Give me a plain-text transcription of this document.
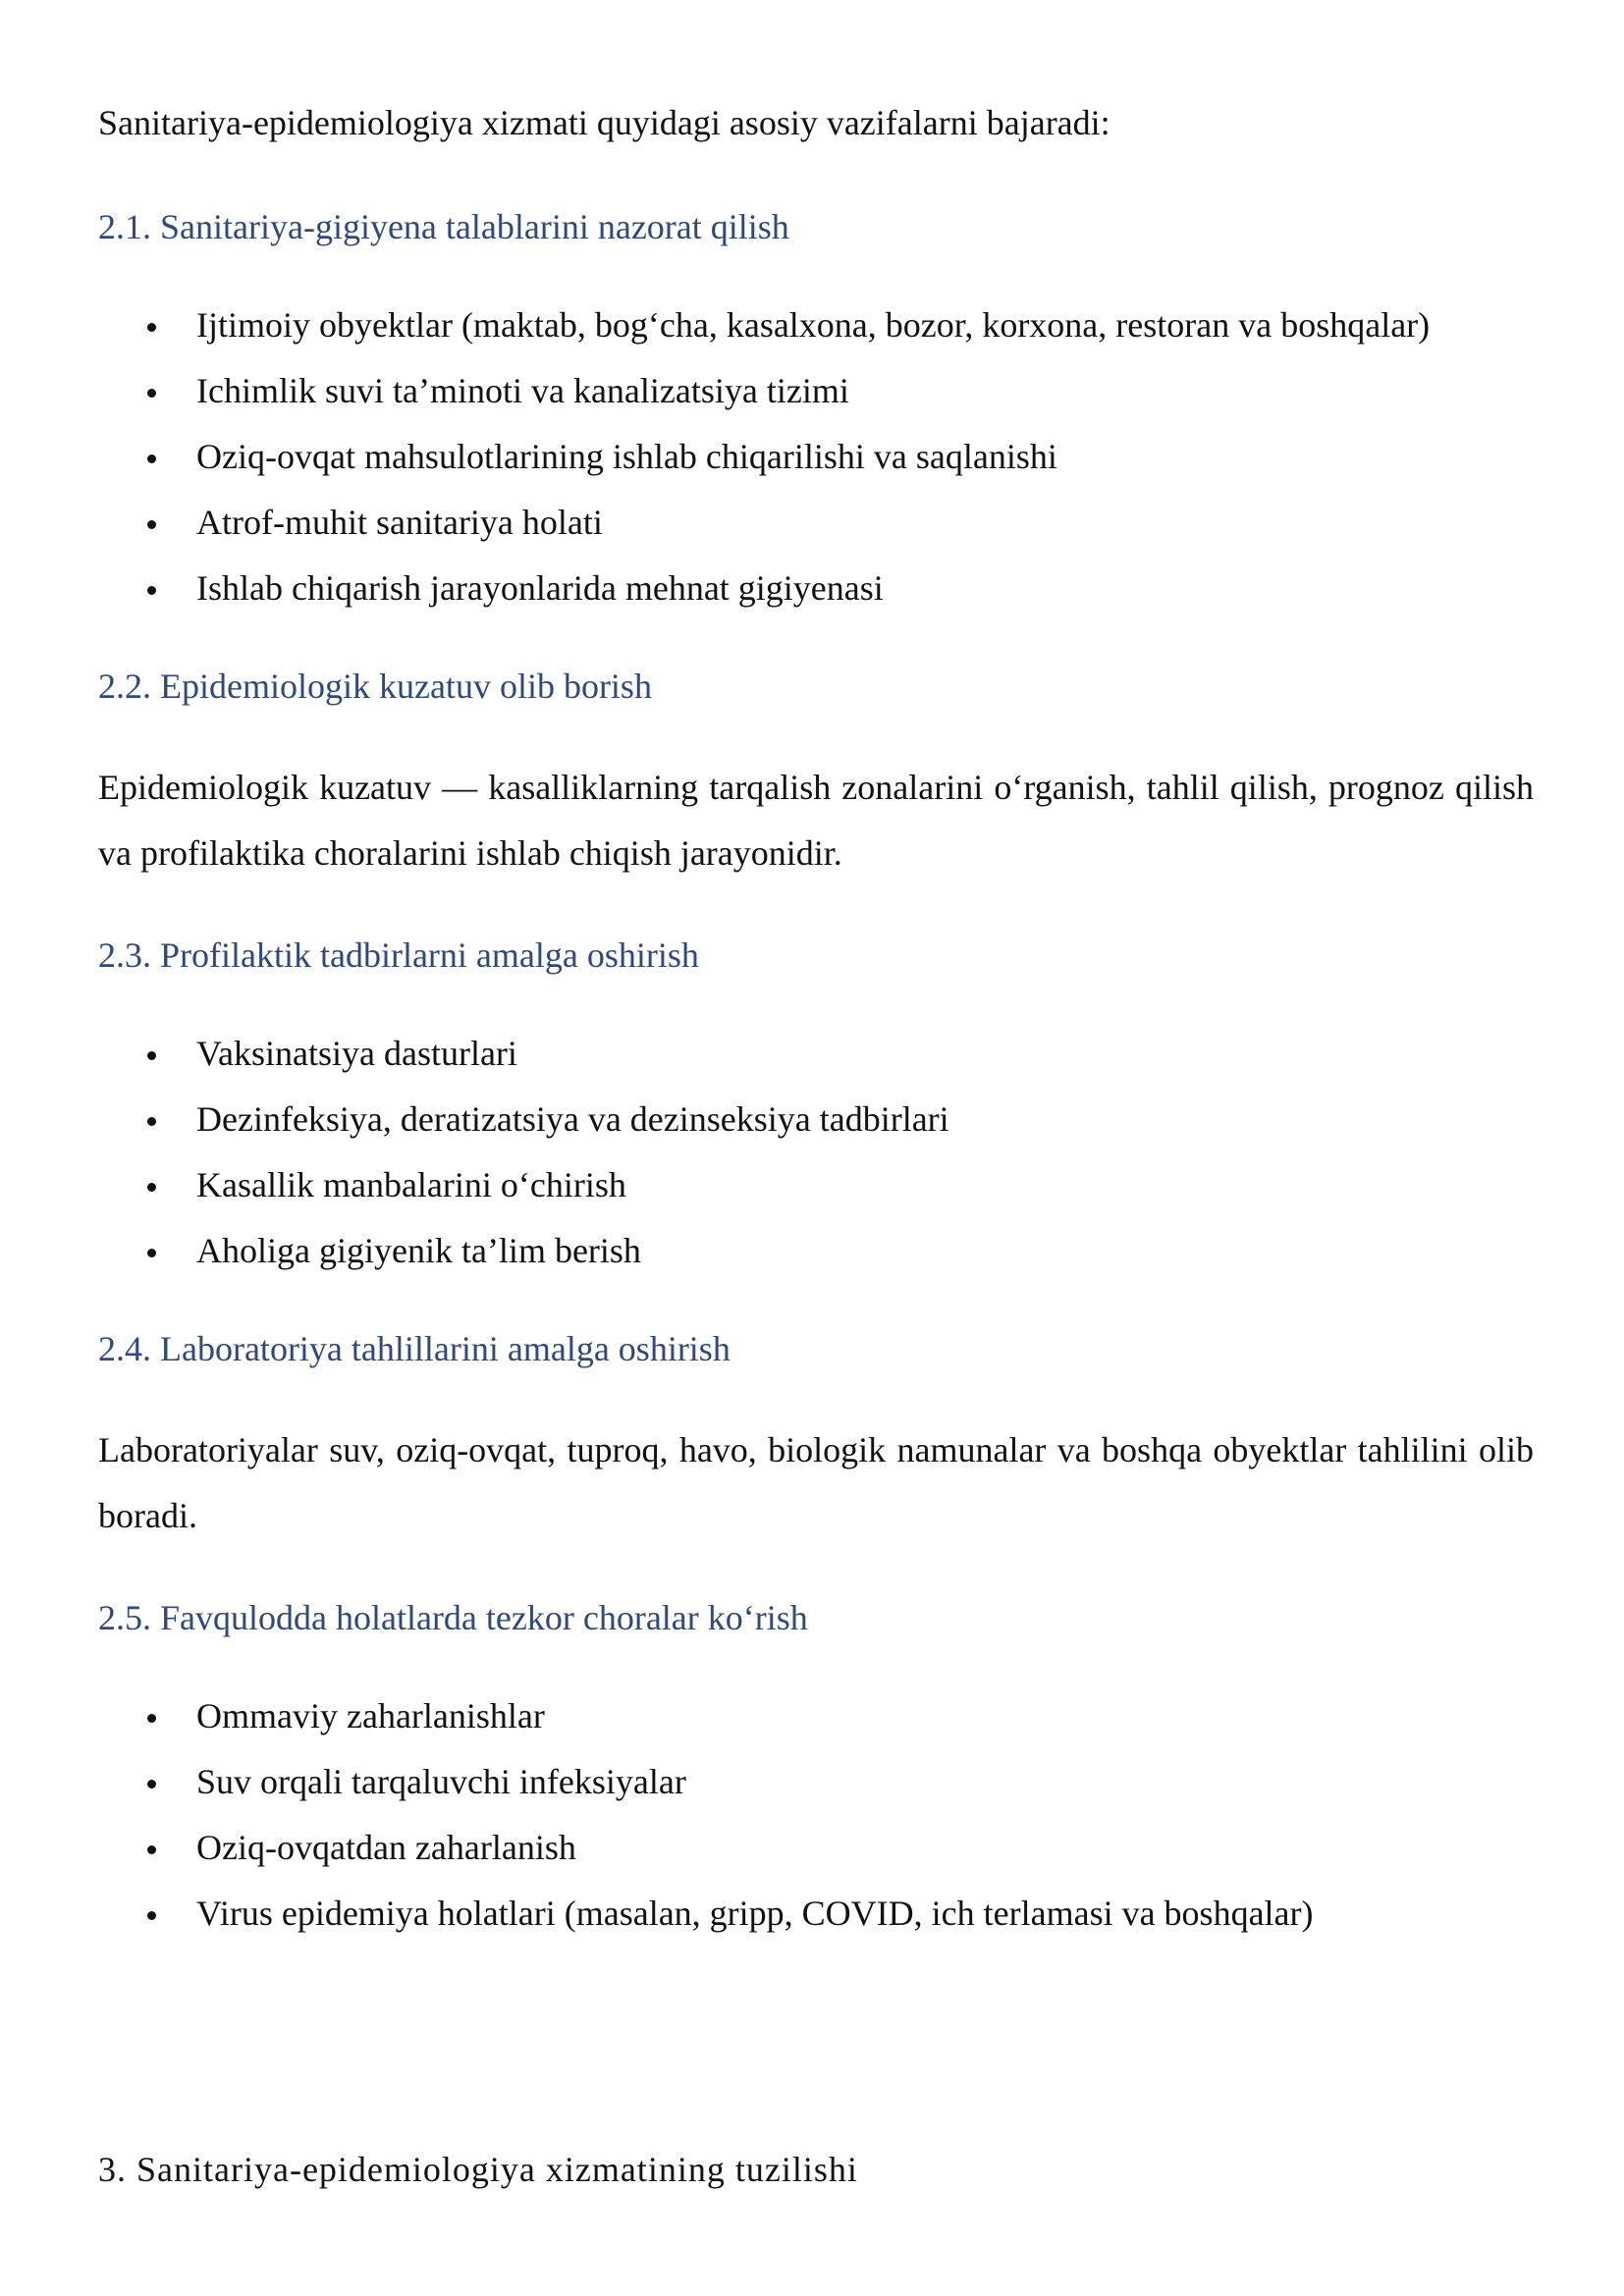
Sanitariya-epidemiologiya xizmati quyidagi asosiy vazifalarni bajaradi:

2.1. Sanitariya-gigiyena talablarini nazorat qilish
Ijtimoiy obyektlar (maktab, bog‘cha, kasalxona, bozor, korxona, restoran va boshqalar)
Ichimlik suvi ta’minoti va kanalizatsiya tizimi
Oziq-ovqat mahsulotlarining ishlab chiqarilishi va saqlanishi
Atrof-muhit sanitariya holati
Ishlab chiqarish jarayonlarida mehnat gigiyenasi
2.2. Epidemiologik kuzatuv olib borish

Epidemiologik kuzatuv — kasalliklarning tarqalish zonalarini o‘rganish, tahlil qilish, prognoz qilish va profilaktika choralarini ishlab chiqish jarayonidir.

2.3. Profilaktik tadbirlarni amalga oshirish
Vaksinatsiya dasturlari
Dezinfeksiya, deratizatsiya va dezinseksiya tadbirlari
Kasallik manbalarini o‘chirish
Aholiga gigiyenik ta’lim berish
2.4. Laboratoriya tahlillarini amalga oshirish

Laboratoriyalar suv, oziq-ovqat, tuproq, havo, biologik namunalar va boshqa obyektlar tahlilini olib boradi.

2.5. Favqulodda holatlarda tezkor choralar ko‘rish
Ommaviy zaharlanishlar
Suv orqali tarqaluvchi infeksiyalar
Oziq-ovqatdan zaharlanish
Virus epidemiya holatlari (masalan, gripp, COVID, ich terlamasi va boshqalar)
3. Sanitariya-epidemiologiya xizmatining tuzilishi
